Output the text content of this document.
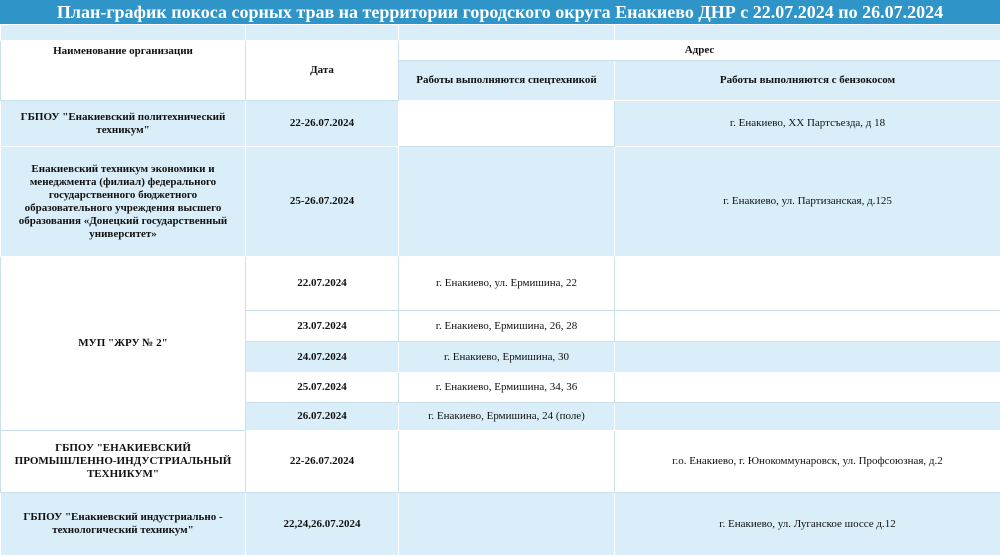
План-график покоса сорных трав на территории городского округа Енакиево ДНР с 22.07.2024 по 26.07.2024

Наименование организации	Дата	Адрес	
		Работы выполняются спецтехникой	Работы выполняются с бензокосом
ГБПОУ "Енакиевский политехнический техникум"	22-26.07.2024		г. Енакиево, XX Партсъезда, д 18
Енакиевский техникум экономики и менеджмента (филиал) федерального государственного бюджетного образовательного учреждения высшего образования «Донецкий государственный университет»	25-26.07.2024		г. Енакиево, ул. Партизанская, д.125
МУП "ЖРУ № 2"	22.07.2024	г. Енакиево, ул. Ермишина, 22	
	23.07.2024	г. Енакиево, Ермишина, 26, 28	
	24.07.2024	г. Енакиево, Ермишина, 30	
	25.07.2024	г. Енакиево, Ермишина, 34, 36	
	26.07.2024	г. Енакиево, Ермишина, 24 (поле)	
ГБПОУ "ЕНАКИЕВСКИЙ ПРОМЫШЛЕННО-ИНДУСТРИАЛЬНЫЙ ТЕХНИКУМ"	22-26.07.2024		г.о. Енакиево, г. Юнокоммунаровск, ул. Профсоюзная, д.2
ГБПОУ "Енакиевский индустриально - технологический техникум"	22,24,26.07.2024		г. Енакиево, ул. Луганское шоссе д.12
